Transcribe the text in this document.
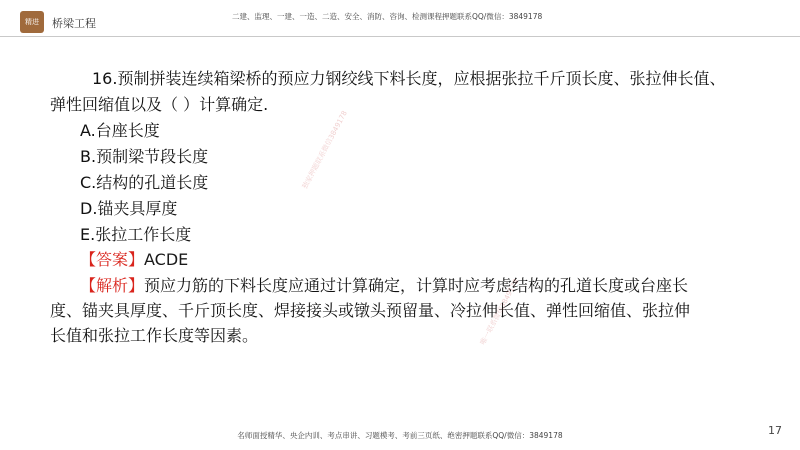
精进	桥梁工程
二建、监理、一建、一造、二造、安全、消防、咨询、检测课程押题联系QQ/微信：3849178
16.预制拼装连续箱梁桥的预应力钢绞线下料长度，应根据张拉千斤顶长度、张拉伸长值、
弹性回缩值以及（ ）计算确定.
A.台座长度
B.预制梁节段长度
C.结构的孔道长度
D.锚夹具厚度
E.张拉工作长度
【答案】ACDE
【解析】预应力筋的下料长度应通过计算确定，计算时应考虑结构的孔道长度或台座长
度、锚夹具厚度、千斤顶长度、焊接接头或镦头预留量、冷拉伸长值、弹性回缩值、张拉伸
长值和张拉工作长度等因素。
独家押题联系微信3849178
唯一联系微信3849178
名师面授精华、央企内训、考点串讲、习题模考、考前三页纸、绝密押题联系QQ/微信：3849178	17
